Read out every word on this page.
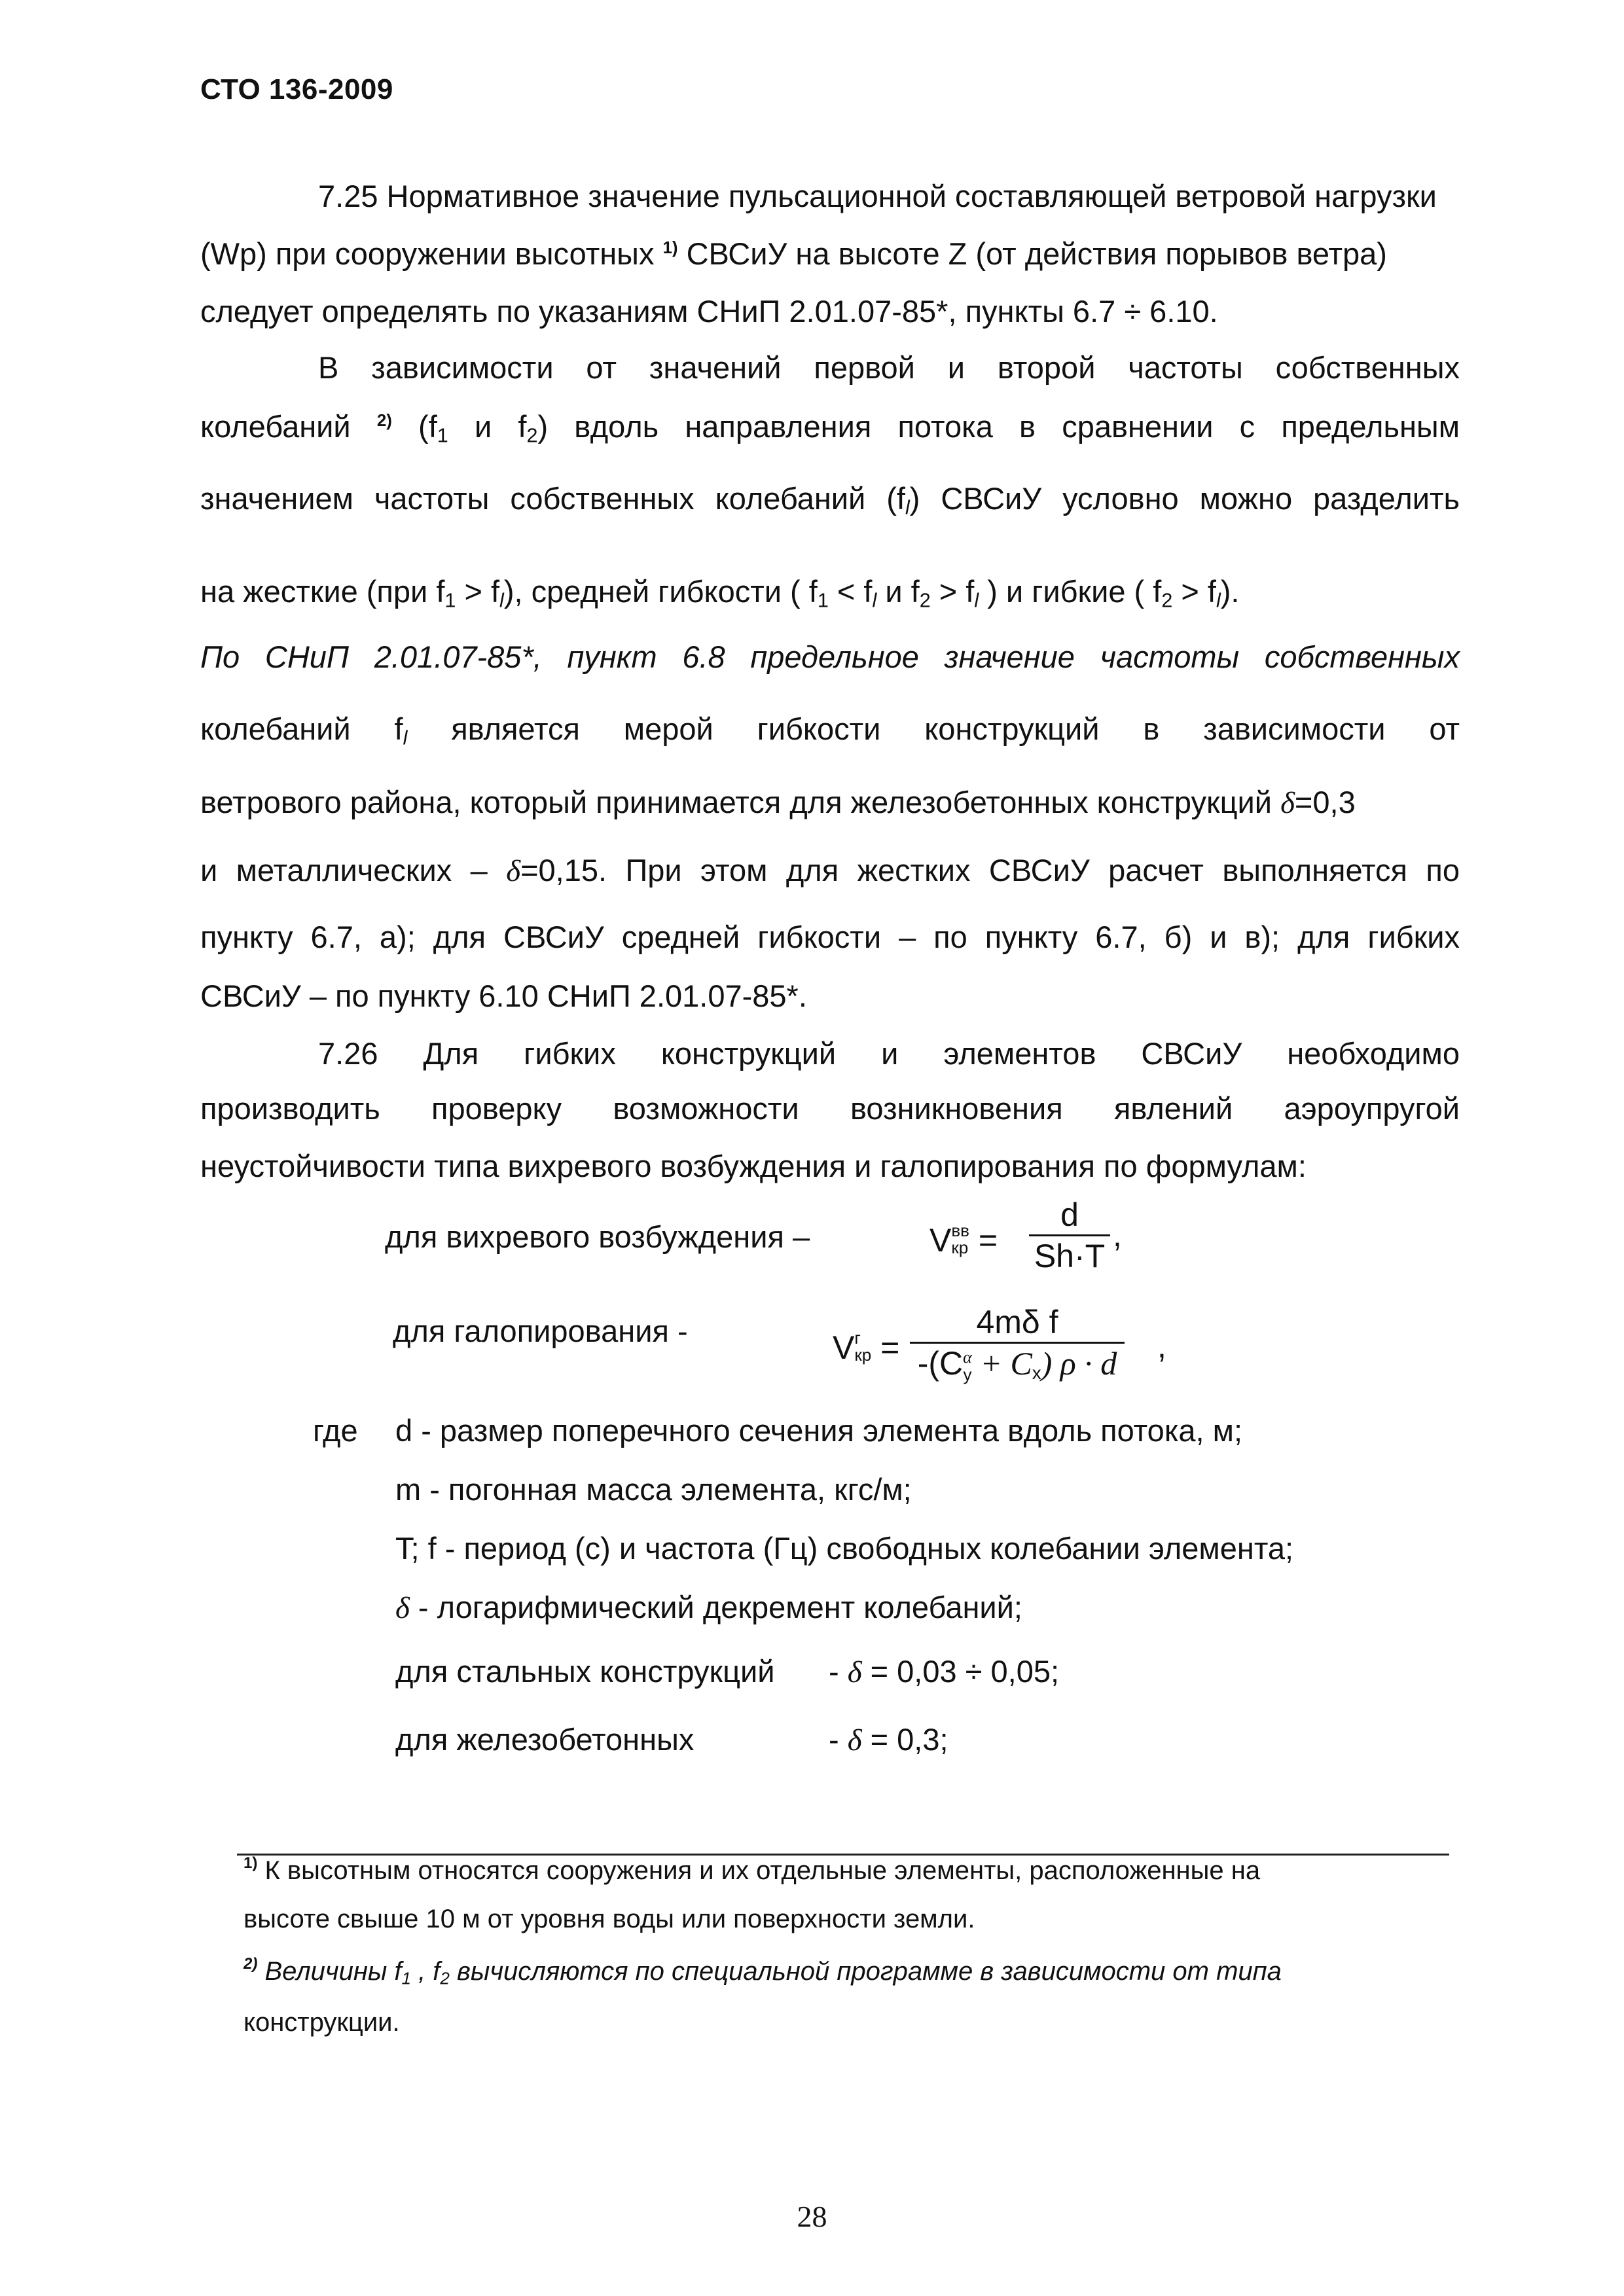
СТО 136-2009
7.25 Нормативное значение пульсационной составляющей ветровой нагрузки
(Wp) при сооружении высотных $^{1)}$ СВСиУ на высоте Z (от действия порывов ветра)
следует определять по указаниям СНиП 2.01.07-85*, пункты 6.7 ÷ 6.10.
В зависимости от значений первой и второй частоты собственных
колебаний $^{2)}$ ($f_1$ и $f_2$) вдоль направления потока в сравнении с предельным
значением частоты собственных колебаний $(f_l)$ СВСиУ условно можно разделить
на жесткие (при $f_1 > f_l$), средней гибкости ( $f_1 < f_l$ и $f_2 > f_l$ ) и гибкие ( $f_2 > f_l$).
По СНиП 2.01.07-85*, пункт 6.8 предельное значение частоты собственных
колебаний $f_l$ является мерой гибкости конструкций в зависимости от
ветрового района, который принимается для железобетонных конструкций δ=0,3
и металлических – δ=0,15. При этом для жестких СВСиУ расчет выполняется по
пункту 6.7, а); для СВСиУ средней гибкости – по пункту 6.7, б) и в); для гибких
СВСиУ – по пункту 6.10 СНиП 2.01.07-85*.
7.26 Для гибких конструкций и элементов СВСиУ необходимо
производить проверку возможности возникновения явлений аэроупругой
неустойчивости типа вихревого возбуждения и галопирования по формулам:
для вихревого возбуждения –	V вв
кр =
d
Sh·T
,
для галопирования -	V г
кр =
4mδ f
-(C α
$y + C_x$) ρ · d ,
где d - размер поперечного сечения элемента вдоль потока, м;
m - погонная масса элемента, кгс/м;
T; f - период (с) и частота (Гц) свободных колебании элемента;
δ - логарифмический декремент колебаний;
для стальных конструкций - δ = 0,03 ÷ 0,05;
для железобетонных	- δ = 0,3;
$^{1)}$ К высотным относятся сооружения и их отдельные элементы, расположенные на
высоте свыше 10 м от уровня воды или поверхности земли.
$^{2)}$ Величины $f_1$ , $f_2$ вычисляются по специальной программе в зависимости от типа
конструкции.
28
